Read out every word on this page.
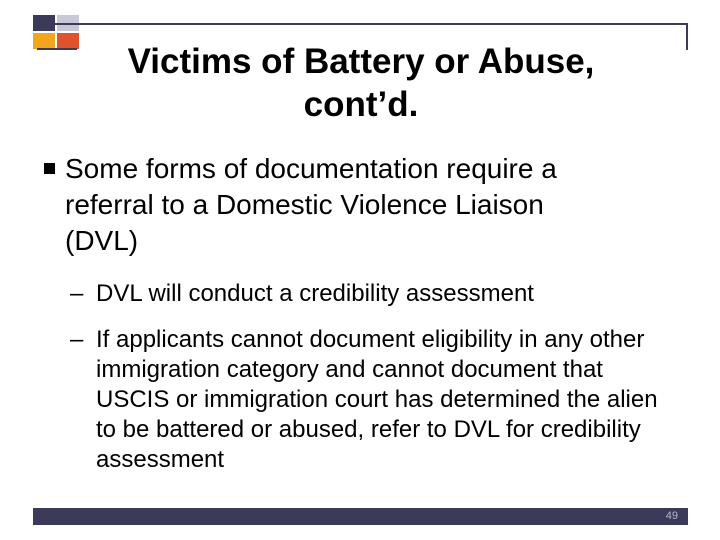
Victims of Battery or Abuse,
cont’d.
Some forms of documentation require a referral to a Domestic Violence Liaison (DVL)
– DVL will conduct a credibility assessment
– If applicants cannot document eligibility in any other immigration category and cannot document that USCIS or immigration court has determined the alien to be battered or abused, refer to DVL for credibility assessment
49
